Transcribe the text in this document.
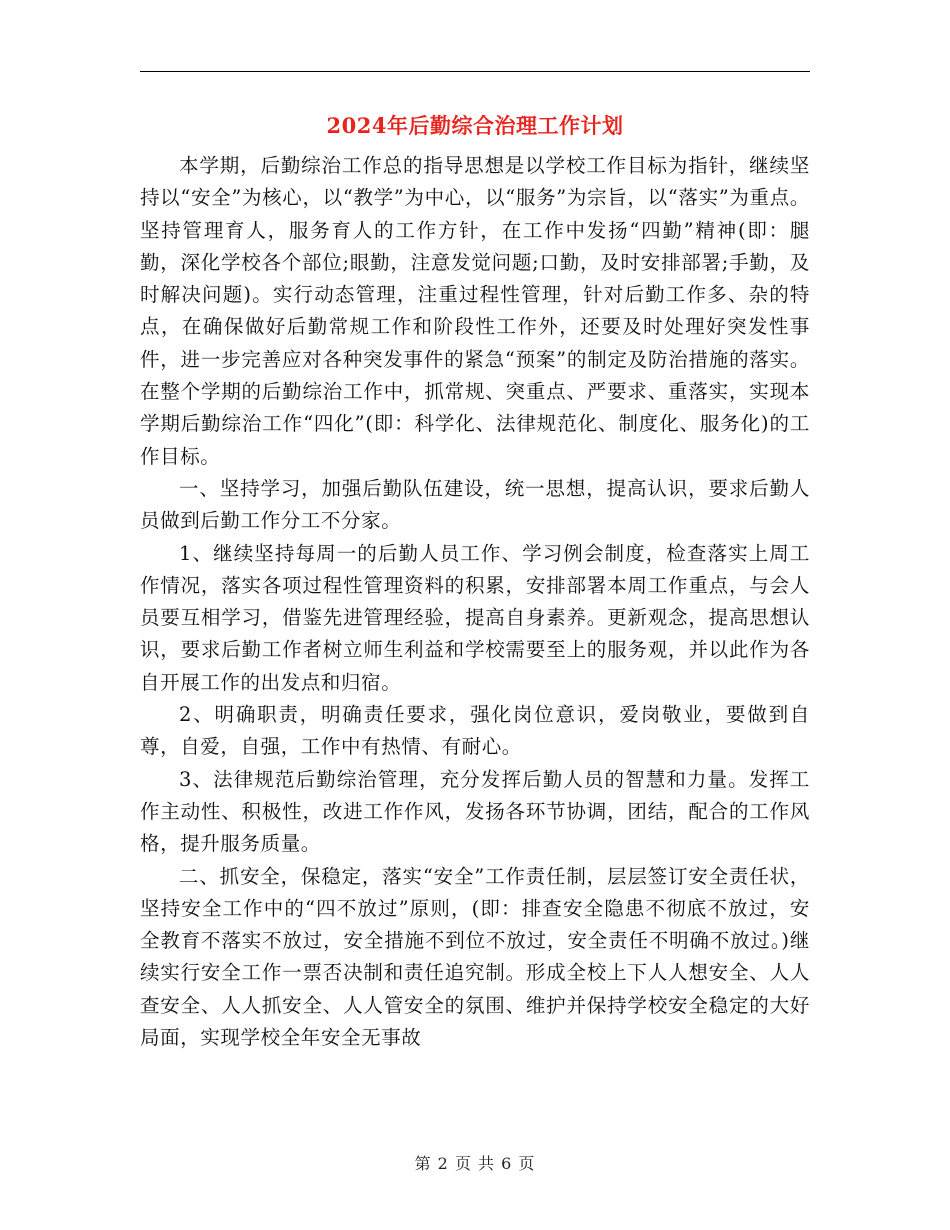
2024年后勤综合治理工作计划

本学期，后勤综治工作总的指导思想是以学校工作目标为指针，继续坚持以“安全”为核心，以“教学”为中心，以“服务”为宗旨，以“落实”为重点。坚持管理育人，服务育人的工作方针，在工作中发扬“四勤”精神(即：腿勤，深化学校各个部位;眼勤，注意发觉问题;口勤，及时安排部署;手勤，及时解决问题)。实行动态管理，注重过程性管理，针对后勤工作多、杂的特点，在确保做好后勤常规工作和阶段性工作外，还要及时处理好突发性事件，进一步完善应对各种突发事件的紧急“预案”的制定及防治措施的落实。在整个学期的后勤综治工作中，抓常规、突重点、严要求、重落实，实现本学期后勤综治工作“四化”(即：科学化、法律规范化、制度化、服务化)的工作目标。

一、坚持学习，加强后勤队伍建设，统一思想，提高认识，要求后勤人员做到后勤工作分工不分家。

1、继续坚持每周一的后勤人员工作、学习例会制度，检查落实上周工作情况，落实各项过程性管理资料的积累，安排部署本周工作重点，与会人员要互相学习，借鉴先进管理经验，提高自身素养。更新观念，提高思想认识，要求后勤工作者树立师生利益和学校需要至上的服务观，并以此作为各自开展工作的出发点和归宿。

2、明确职责，明确责任要求，强化岗位意识，爱岗敬业，要做到自尊，自爱，自强，工作中有热情、有耐心。

3、法律规范后勤综治管理，充分发挥后勤人员的智慧和力量。发挥工作主动性、积极性，改进工作作风，发扬各环节协调，团结，配合的工作风格，提升服务质量。

二、抓安全，保稳定，落实“安全”工作责任制，层层签订安全责任状，坚持安全工作中的“四不放过”原则，(即：排查安全隐患不彻底不放过，安全教育不落实不放过，安全措施不到位不放过，安全责任不明确不放过。)继续实行安全工作一票否决制和责任追究制。形成全校上下人人想安全、人人查安全、人人抓安全、人人管安全的氛围、维护并保持学校安全稳定的大好局面，实现学校全年安全无事故

第 2 页 共 6 页
